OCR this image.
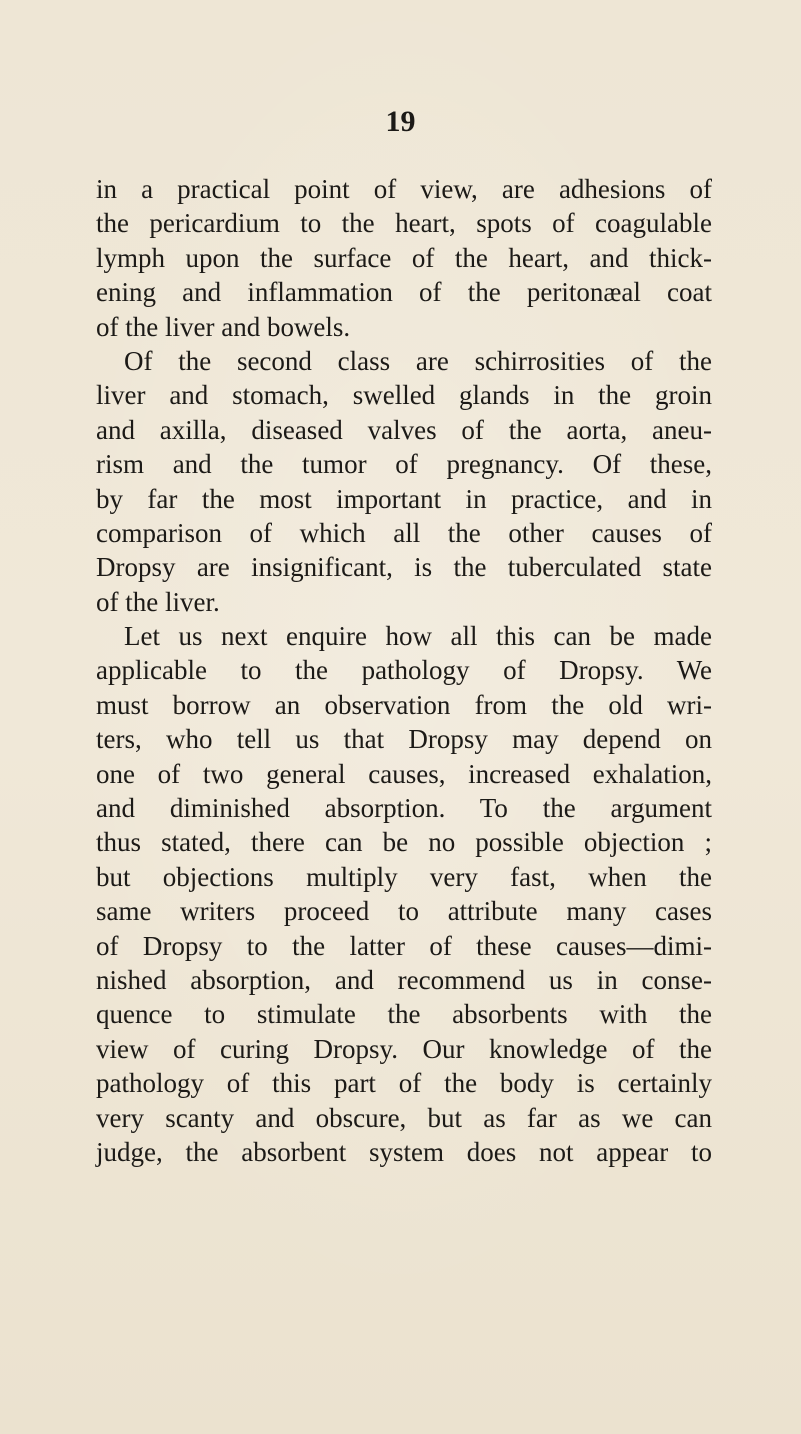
19
in a practical point of view, are adhesions of
the pericardium to the heart, spots of coagulable
lymph upon the surface of the heart, and thick-
ening and inflammation of the peritonæal coat
of the liver and bowels.
Of the second class are schirrosities of the
liver and stomach, swelled glands in the groin
and axilla, diseased valves of the aorta, aneu-
rism and the tumor of pregnancy. Of these,
by far the most important in practice, and in
comparison of which all the other causes of
Dropsy are insignificant, is the tuberculated state
of the liver.
Let us next enquire how all this can be made
applicable to the pathology of Dropsy. We
must borrow an observation from the old wri-
ters, who tell us that Dropsy may depend on
one of two general causes, increased exhalation,
and diminished absorption. To the argument
thus stated, there can be no possible objection ;
but objections multiply very fast, when the
same writers proceed to attribute many cases
of Dropsy to the latter of these causes—dimi-
nished absorption, and recommend us in conse-
quence to stimulate the absorbents with the
view of curing Dropsy. Our knowledge of the
pathology of this part of the body is certainly
very scanty and obscure, but as far as we can
judge, the absorbent system does not appear to
